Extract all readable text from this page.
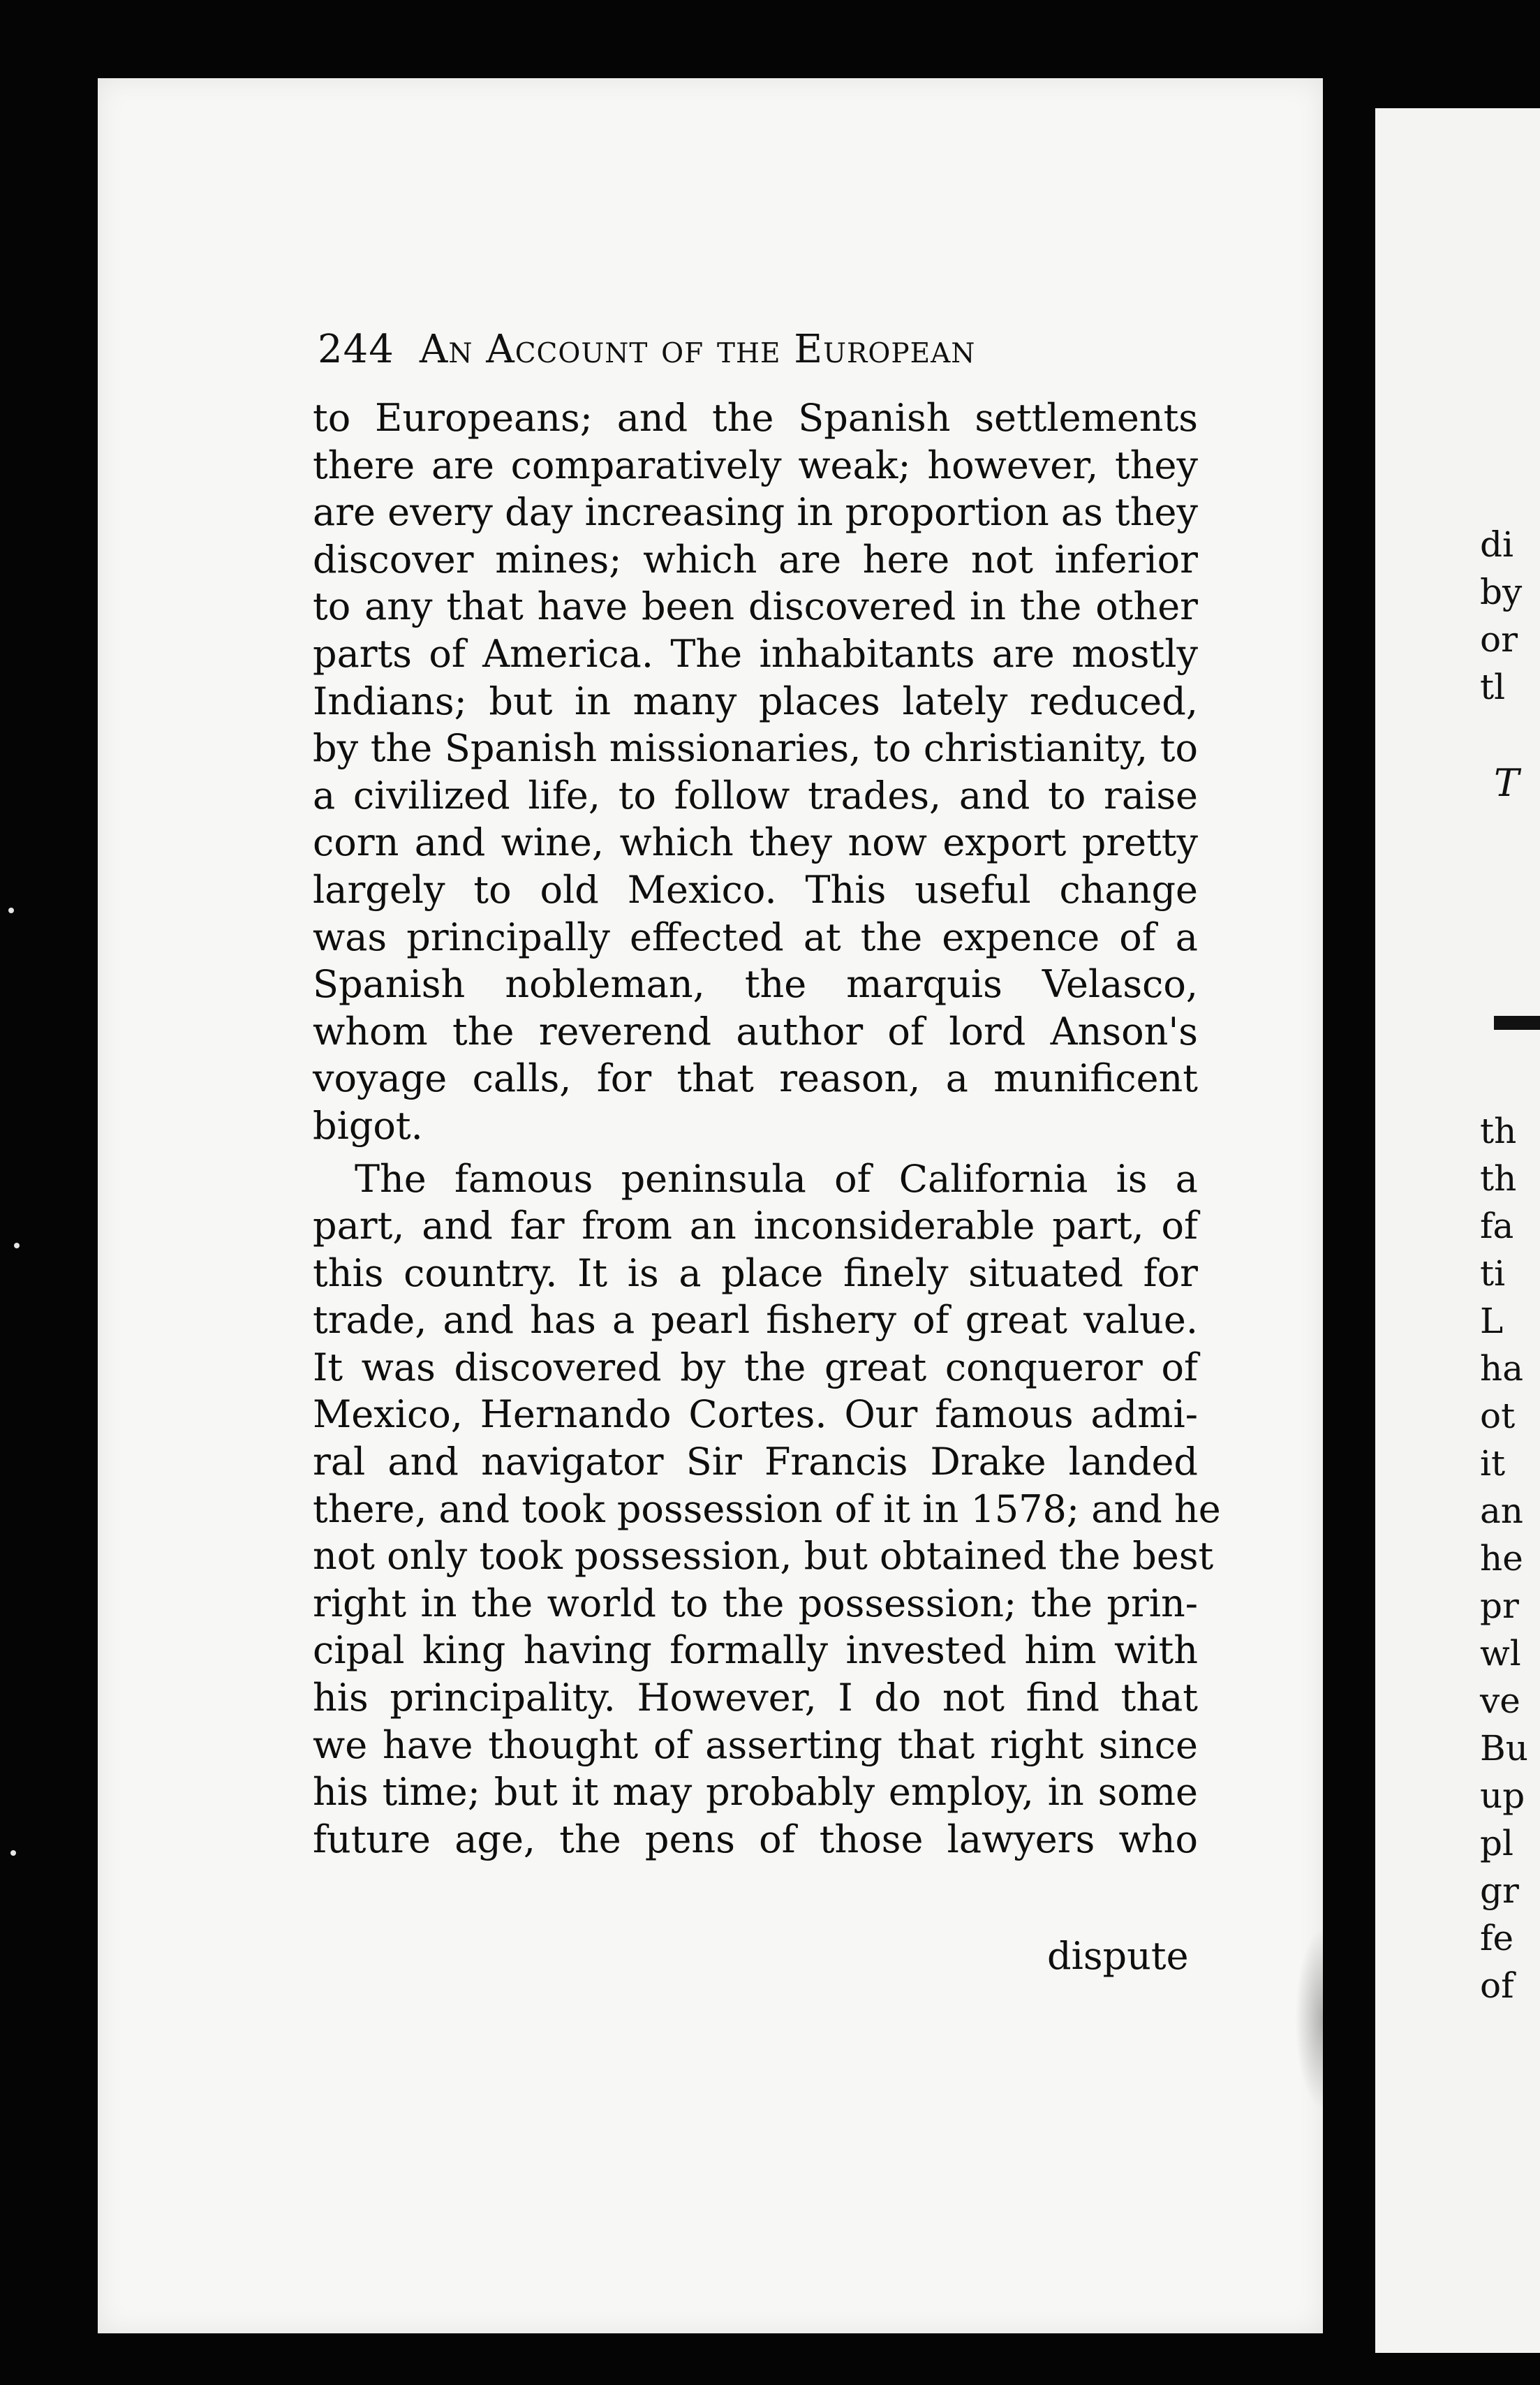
di
by
or
tl
T
th
th
fa
ti
L
ha
ot
it
an
he
pr
wl
ve
Bu
up
pl
gr
fe
of
244 An Account of the European
to Europeans; and the Spanish settlements
there are comparatively weak; however, they
are every day increasing in proportion as they
discover mines; which are here not inferior
to any that have been discovered in the other
parts of America. The inhabitants are mostly
Indians; but in many places lately reduced,
by the Spanish missionaries, to christianity, to
a civilized life, to follow trades, and to raise
corn and wine, which they now export pretty
largely to old Mexico. This useful change
was principally effected at the expence of a
Spanish nobleman, the marquis Velasco,
whom the reverend author of lord Anson's
voyage calls, for that reason, a munificent
bigot.
The famous peninsula of California is a
part, and far from an inconsiderable part, of
this country. It is a place finely situated for
trade, and has a pearl fishery of great value.
It was discovered by the great conqueror of
Mexico, Hernando Cortes. Our famous admi-
ral and navigator Sir Francis Drake landed
there, and took possession of it in 1578; and he
not only took possession, but obtained the best
right in the world to the possession; the prin-
cipal king having formally invested him with
his principality. However, I do not find that
we have thought of asserting that right since
his time; but it may probably employ, in some
future age, the pens of those lawyers who
dispute
